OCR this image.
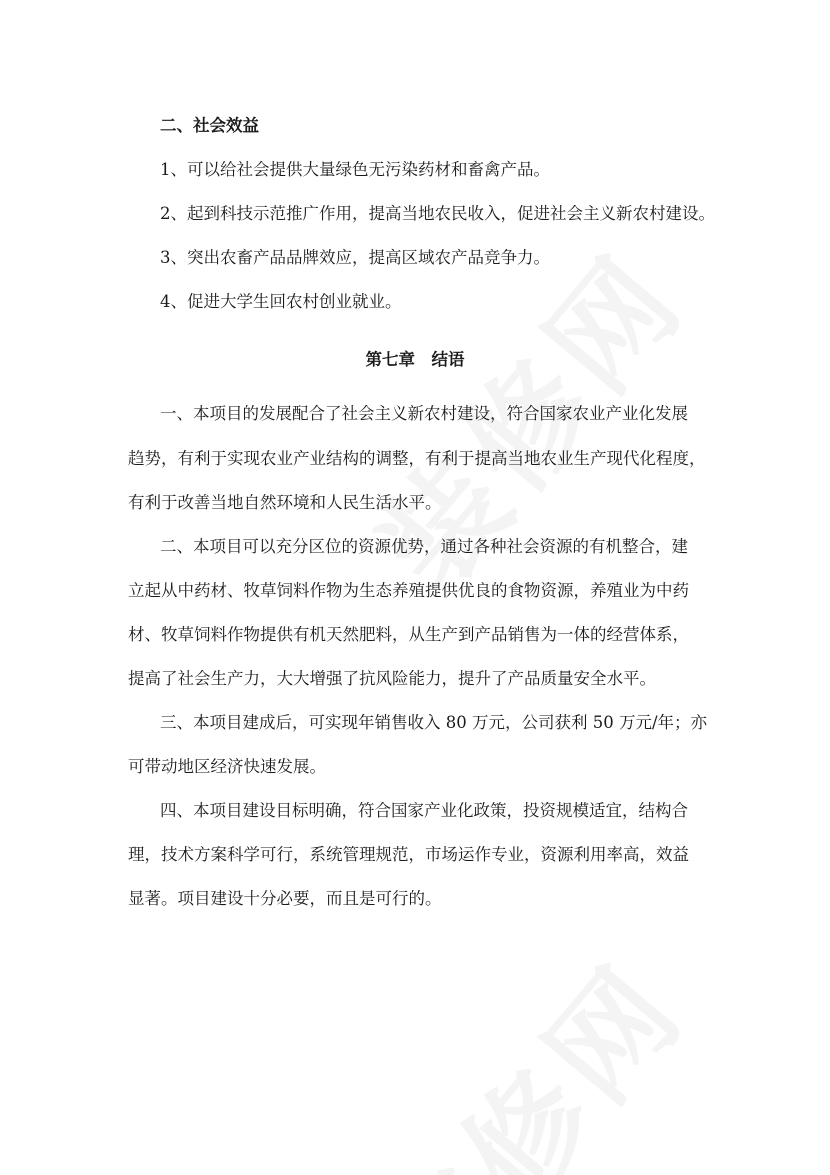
二、社会效益
1、可以给社会提供大量绿色无污染药材和畜禽产品。
2、起到科技示范推广作用，提高当地农民收入，促进社会主义新农村建设。
3、突出农畜产品品牌效应，提高区域农产品竞争力。
4、促进大学生回农村创业就业。
第七章　结语
一、本项目的发展配合了社会主义新农村建设，符合国家农业产业化发展
趋势，有利于实现农业产业结构的调整，有利于提高当地农业生产现代化程度，
有利于改善当地自然环境和人民生活水平。
二、本项目可以充分区位的资源优势，通过各种社会资源的有机整合，建
立起从中药材、牧草饲料作物为生态养殖提供优良的食物资源，养殖业为中药
材、牧草饲料作物提供有机天然肥料，从生产到产品销售为一体的经营体系，
提高了社会生产力，大大增强了抗风险能力，提升了产品质量安全水平。
三、本项目建成后，可实现年销售收入 80 万元，公司获利 50 万元/年；亦
可带动地区经济快速发展。
四、本项目建设目标明确，符合国家产业化政策，投资规模适宜，结构合
理，技术方案科学可行，系统管理规范，市场运作专业，资源利用率高，效益
显著。项目建设十分必要，而且是可行的。
